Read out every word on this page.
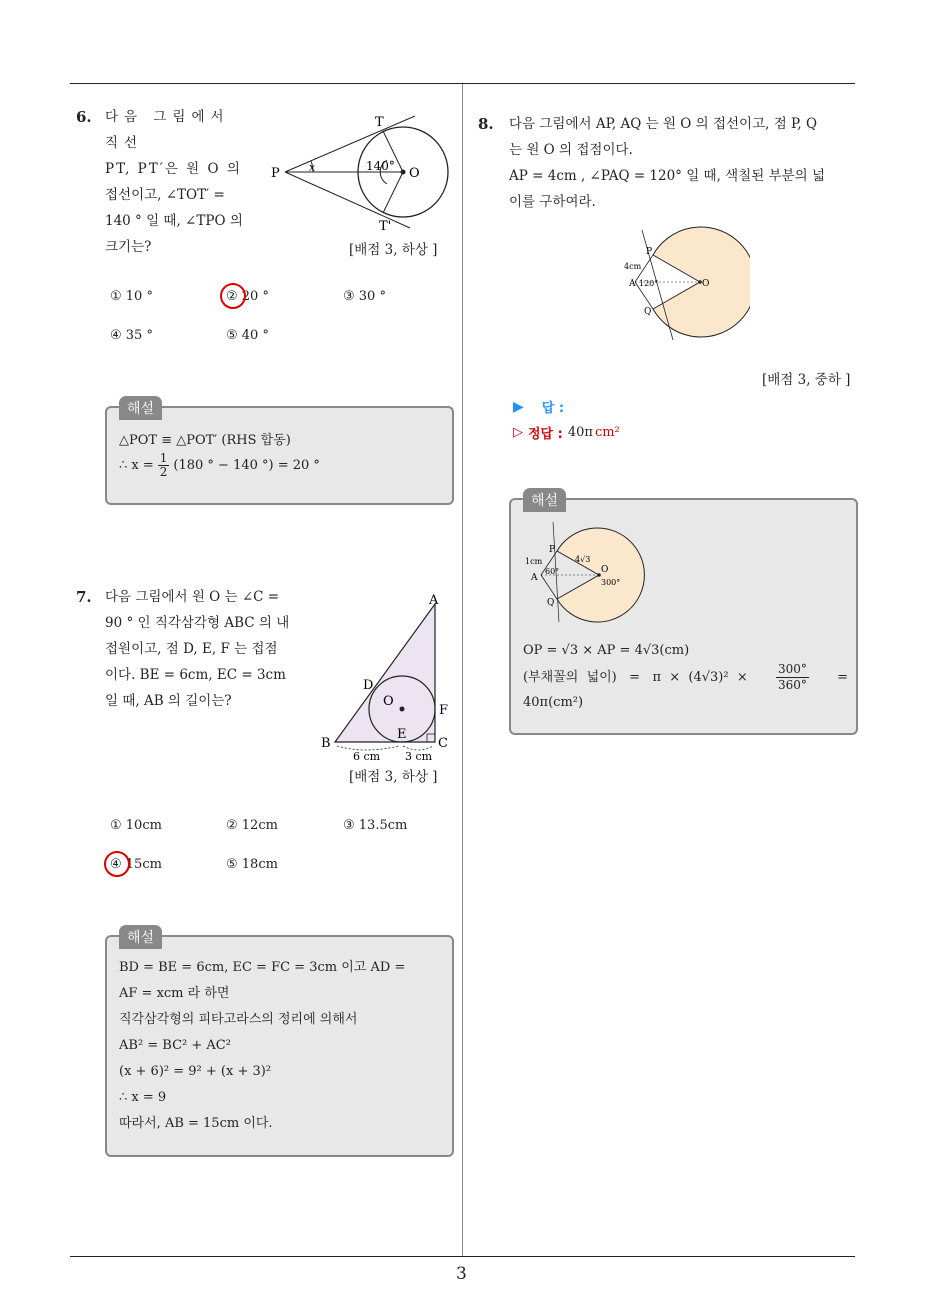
3
6. 다음 그림에서 직선
PT, PT′은 원 O 의
접선이고, ∠TOT′ =
140 ° 일 때, ∠TPO 의
크기는?
T
P	O
T'
x	140°
[배점 3, 하상 ]
① 10 °	② 20 °	③ 30 °
④ 35 °	⑤ 40 °
△POT ≡ △POT′ (RHS 합동)
∴ $x = \frac{1}{2} (180$ ° − 140 °) = 20 °
해설
7. 다음 그림에서 원 O 는 ∠C =
90 ° 인 직각삼각형 ABC 의 내
접원이고, 점 D, E, F 는 접점
이다. BE = 6cm, EC = 3cm
일 때, AB 의 길이는?
A
B	C
D
E
F
O
6 cm 3 cm
[배점 3, 하상 ]
① 10cm	② 12cm	③ 13.5cm
④ 15cm	⑤ 18cm
BD = BE = 6cm, EC = FC = 3cm 이고 AD =
AF = xcm 라 하면
직각삼각형의 피타고라스의 정리에 의해서
AB² = BC² + AC²
(x + 6)² = 9² + (x + 3)²
∴ x = 9
따라서, AB = 15cm 이다.
해설
8. 다음 그림에서 AP, AQ 는 원 O 의 접선이고, 점 P, Q
는 원 O 의 접점이다.
AP = 4cm , ∠PAQ = 120° 일 때, 색칠된 부분의 넓
이를 구하여라.
P
A
Q
O
4cm
120°
[배점 3, 중하 ]
▶ 답 :
▷ 정답 : 40π cm²
P
A
Q
O
1cm	4√3
60°
300°
OP = √3 × AP = 4√3(cm)
(부채꼴의  넓이)   =   $\pi \times (4√3)^2 \times \frac{300^\circ}{360^\circ}$ =
40π(cm²)
해설
